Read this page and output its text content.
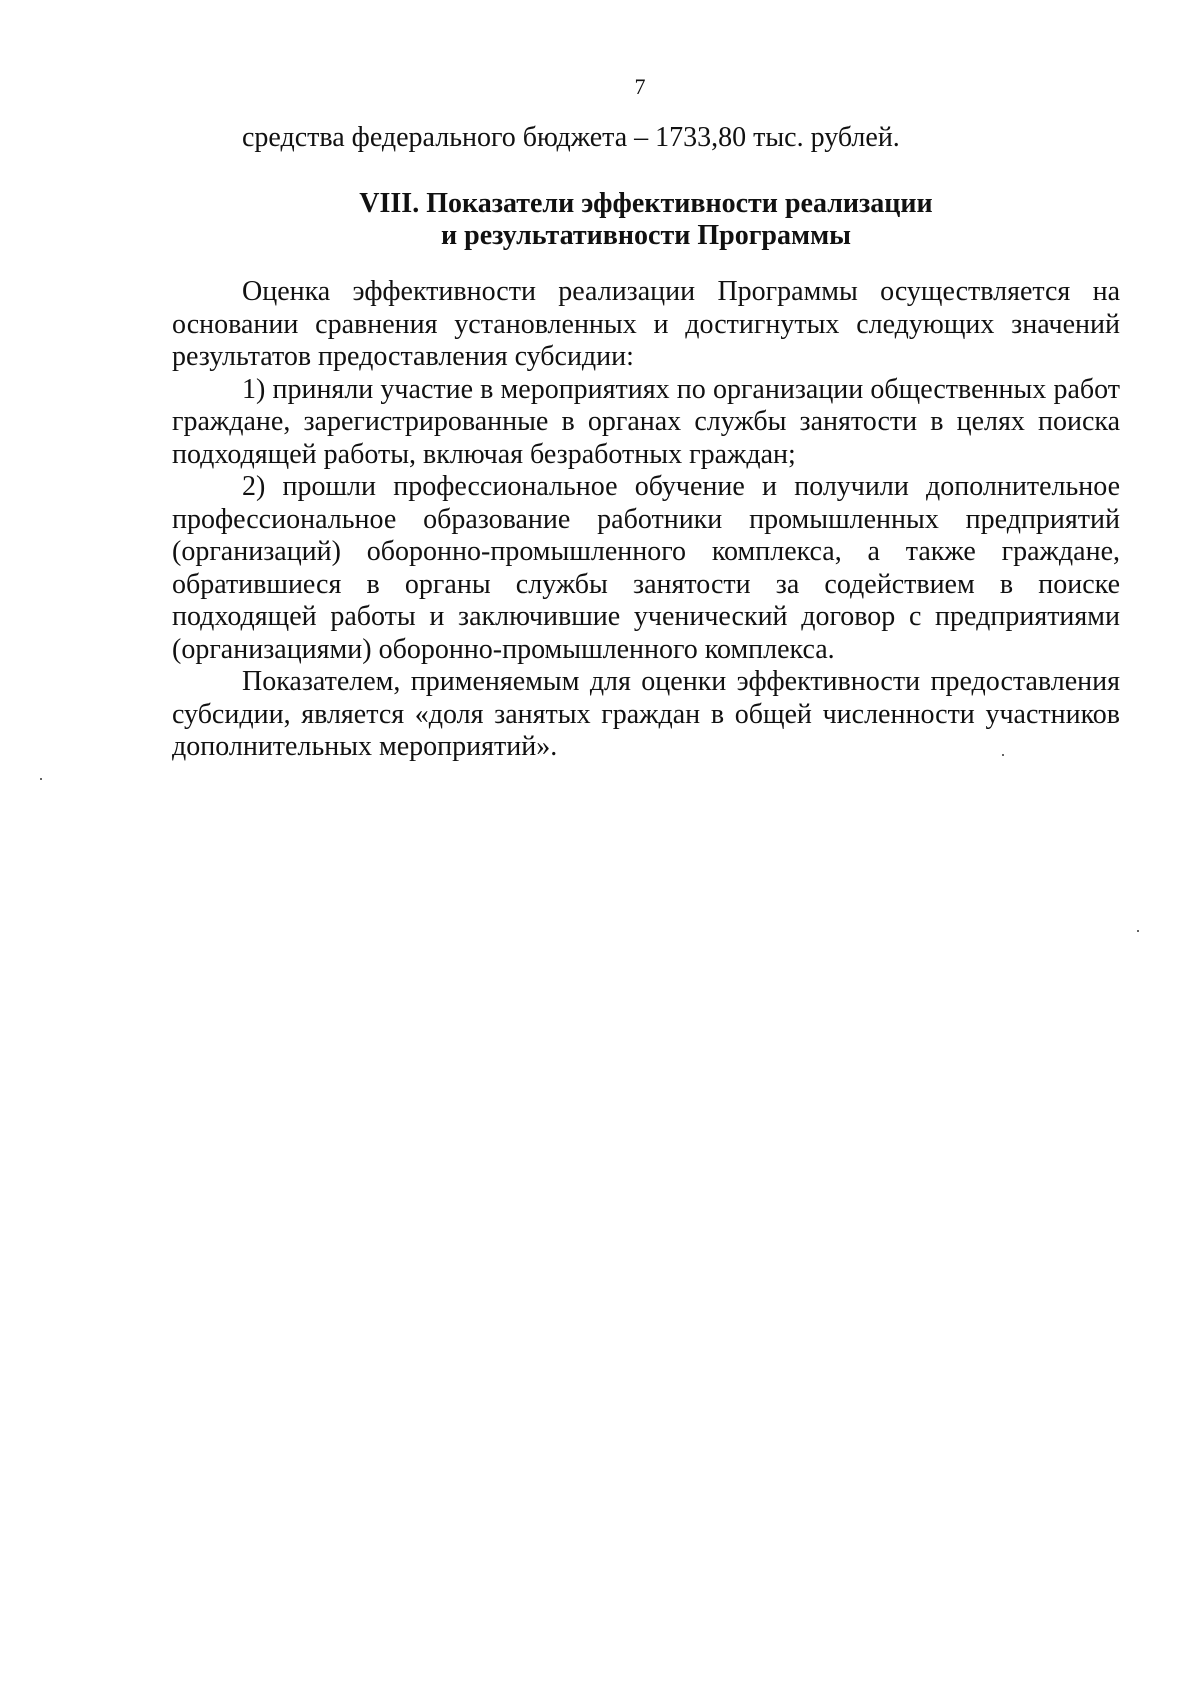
7
средства федерального бюджета – 1733,80 тыс. рублей.
VIII. Показатели эффективности реализации
и результативности Программы

Оценка эффективности реализации Программы осуществляется на основании сравнения установленных и достигнутых следующих значений результатов предоставления субсидии:

1) приняли участие в мероприятиях по организации общественных работ граждане, зарегистрированные в органах службы занятости в целях поиска подходящей работы, включая безработных граждан;

2) прошли профессиональное обучение и получили дополнительное профессиональное образование работники промышленных предприятий (организаций) оборонно-промышленного комплекса, а также граждане, обратившиеся в органы службы занятости за содействием в поиске подходящей работы и заключившие ученический договор с предприятиями (организациями) оборонно-промышленного комплекса.

Показателем, применяемым для оценки эффективности предоставления субсидии, является «доля занятых граждан в общей численности участников дополнительных мероприятий».
